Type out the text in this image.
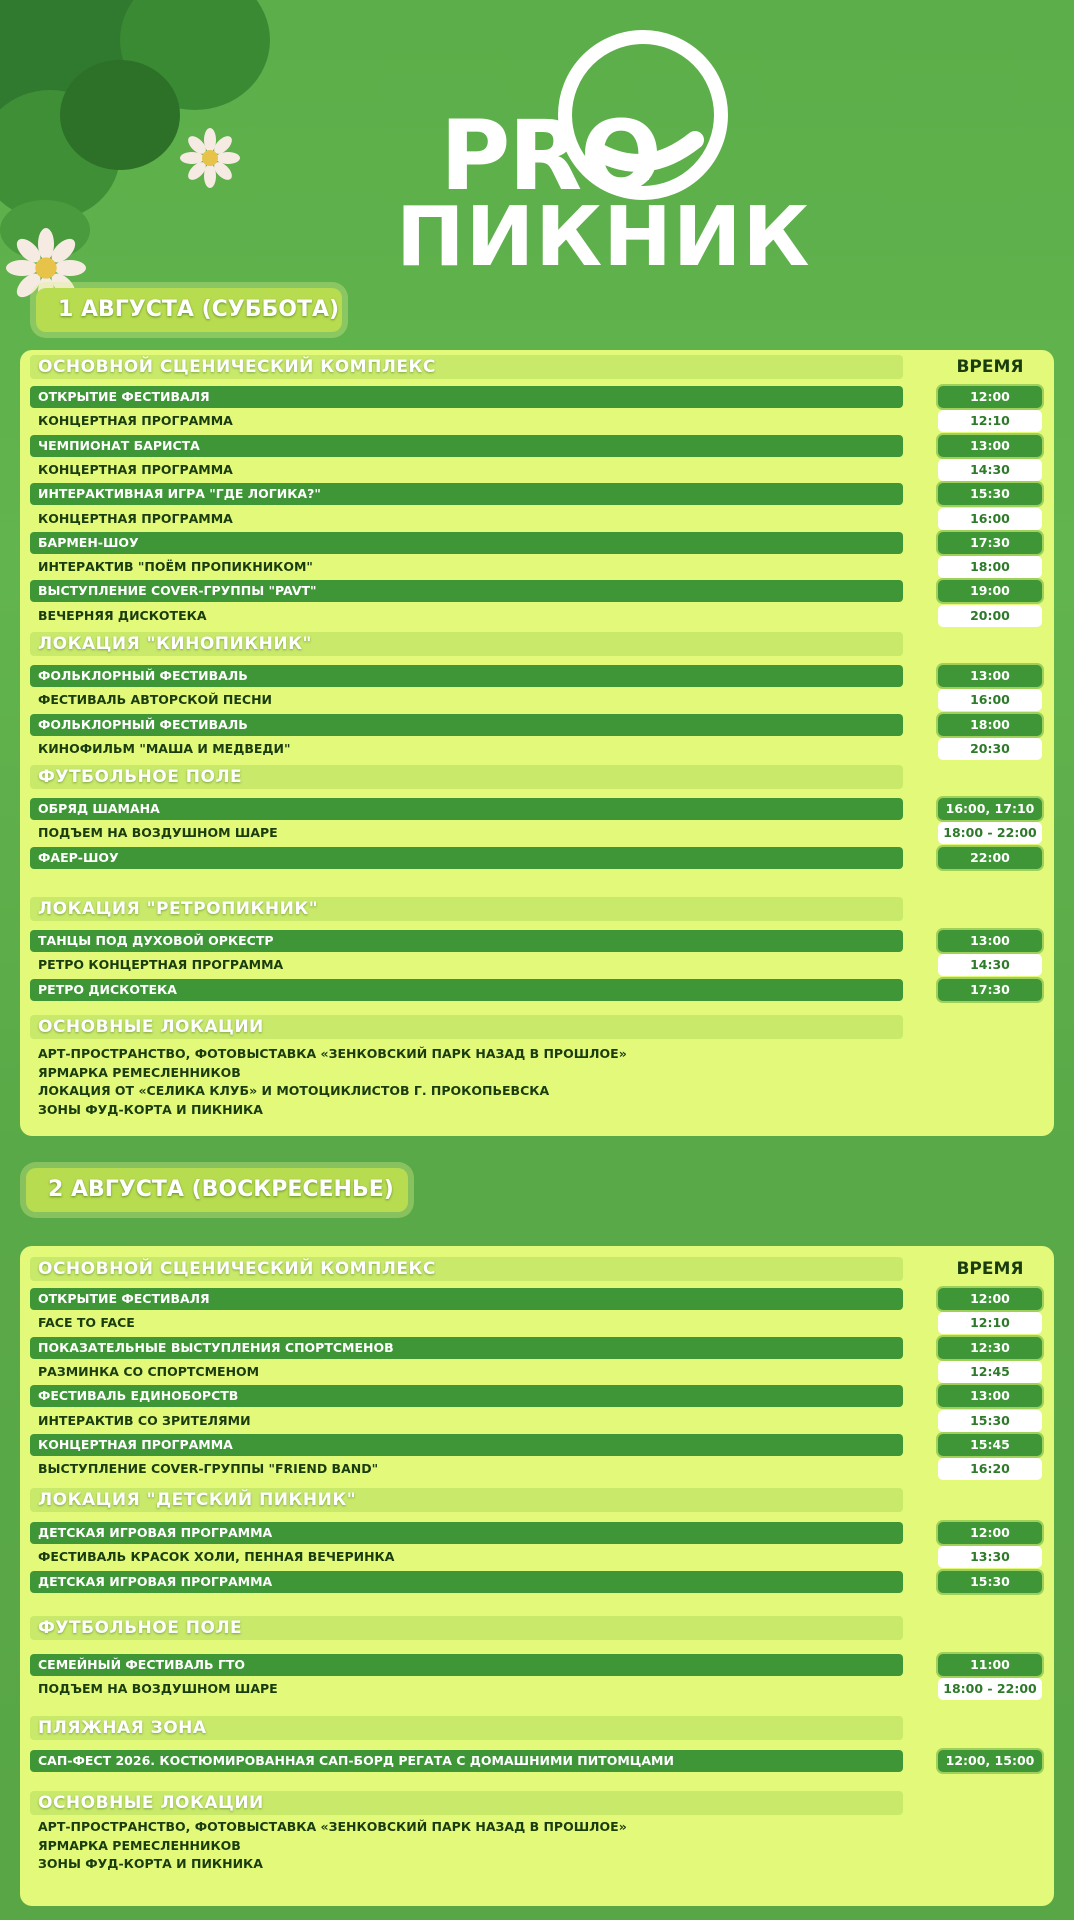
PRO
ПИКНИК
1 АВГУСТА (СУББОТА)
ВРЕМЯ
ОСНОВНОЙ СЦЕНИЧЕСКИЙ КОМПЛЕКС
ОТКРЫТИЕ ФЕСТИВАЛЯ	12:00
КОНЦЕРТНАЯ ПРОГРАММА	12:10
ЧЕМПИОНАТ БАРИСТА	13:00
КОНЦЕРТНАЯ ПРОГРАММА	14:30
ИНТЕРАКТИВНАЯ ИГРА "ГДЕ ЛОГИКА?"	15:30
КОНЦЕРТНАЯ ПРОГРАММА	16:00
БАРМЕН-ШОУ	17:30
ИНТЕРАКТИВ "ПОЁМ ПРОПИКНИКОМ"	18:00
ВЫСТУПЛЕНИЕ COVER-ГРУППЫ "PAVT"	19:00
ВЕЧЕРНЯЯ ДИСКОТЕКА	20:00
ЛОКАЦИЯ "КИНОПИКНИК"
ФОЛЬКЛОРНЫЙ ФЕСТИВАЛЬ	13:00
ФЕСТИВАЛЬ АВТОРСКОЙ ПЕСНИ	16:00
ФОЛЬКЛОРНЫЙ ФЕСТИВАЛЬ	18:00
КИНОФИЛЬМ "МАША И МЕДВЕДИ"	20:30
ФУТБОЛЬНОЕ ПОЛЕ
ОБРЯД ШАМАНА	16:00, 17:10
ПОДЪЕМ НА ВОЗДУШНОМ ШАРЕ	18:00 - 22:00
ФАЕР-ШОУ	22:00
ЛОКАЦИЯ "РЕТРОПИКНИК"
ТАНЦЫ ПОД ДУХОВОЙ ОРКЕСТР	13:00
РЕТРО КОНЦЕРТНАЯ ПРОГРАММА	14:30
РЕТРО ДИСКОТЕКА	17:30
ОСНОВНЫЕ ЛОКАЦИИ
АРТ-ПРОСТРАНСТВО, ФОТОВЫСТАВКА «ЗЕНКОВСКИЙ ПАРК НАЗАД В ПРОШЛОЕ»
ЯРМАРКА РЕМЕСЛЕННИКОВ
ЛОКАЦИЯ ОТ «СЕЛИКА КЛУБ» И МОТОЦИКЛИСТОВ Г. ПРОКОПЬЕВСКА
ЗОНЫ ФУД-КОРТА И ПИКНИКА
2 АВГУСТА (ВОСКРЕСЕНЬЕ)
ВРЕМЯ
ОСНОВНОЙ СЦЕНИЧЕСКИЙ КОМПЛЕКС
ОТКРЫТИЕ ФЕСТИВАЛЯ	12:00
FACE TO FACE	12:10
ПОКАЗАТЕЛЬНЫЕ ВЫСТУПЛЕНИЯ СПОРТСМЕНОВ	12:30
РАЗМИНКА СО СПОРТСМЕНОМ	12:45
ФЕСТИВАЛЬ ЕДИНОБОРСТВ	13:00
ИНТЕРАКТИВ СО ЗРИТЕЛЯМИ	15:30
КОНЦЕРТНАЯ ПРОГРАММА	15:45
ВЫСТУПЛЕНИЕ COVER-ГРУППЫ "FRIEND BAND"	16:20
ЛОКАЦИЯ "ДЕТСКИЙ ПИКНИК"
ДЕТСКАЯ ИГРОВАЯ ПРОГРАММА	12:00
ФЕСТИВАЛЬ КРАСОК ХОЛИ, ПЕННАЯ ВЕЧЕРИНКА	13:30
ДЕТСКАЯ ИГРОВАЯ ПРОГРАММА	15:30
ФУТБОЛЬНОЕ ПОЛЕ
СЕМЕЙНЫЙ ФЕСТИВАЛЬ ГТО	11:00
ПОДЪЕМ НА ВОЗДУШНОМ ШАРЕ	18:00 - 22:00
ПЛЯЖНАЯ ЗОНА
САП-ФЕСТ 2026. КОСТЮМИРОВАННАЯ САП-БОРД РЕГАТА С ДОМАШНИМИ ПИТОМЦАМИ	12:00, 15:00
ОСНОВНЫЕ ЛОКАЦИИ
АРТ-ПРОСТРАНСТВО, ФОТОВЫСТАВКА «ЗЕНКОВСКИЙ ПАРК НАЗАД В ПРОШЛОЕ»
ЯРМАРКА РЕМЕСЛЕННИКОВ
ЗОНЫ ФУД-КОРТА И ПИКНИКА
